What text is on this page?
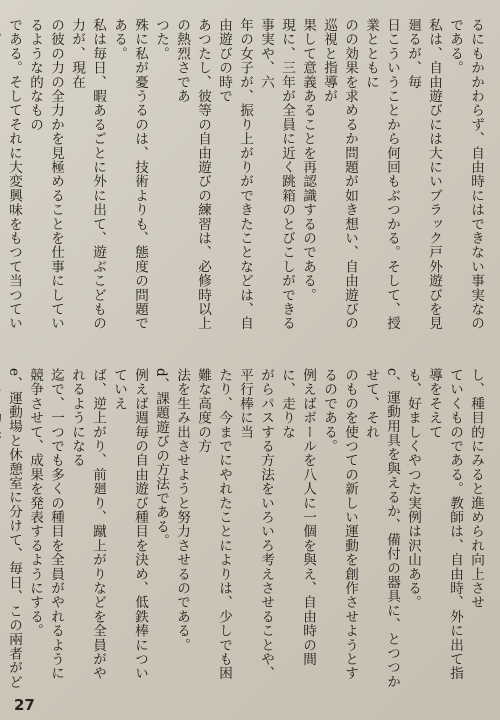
るにもかかわらず、自由時にはできない事実なのである。
私は、自由遊びには大にいブラック戸外遊びを見廻るが、毎
日こういうことから何回もぶつかる。そして、授業とともに
のの効果を求めるか問題が如き想い、自由遊びの巡視と指導が
果して意義あることを再認識するのである。
現に、三年が全員に近く跳箱のとびこしができる事実や、六
年の女子が、振り上がりができたことなどは、自由遊びの時で
あつたし、彼等の自由遊びの練習は、必修時以上の熱烈さであ
つた。
殊に私が憂うるのは、技術よりも、態度の問題である。
私は毎日、暇あるごとに外に出て、遊ぶこどもの力が、現在
の彼の力の全力かを見極めることを仕事にしているような的なもの
である。そしてそれに大変興味をもつて当つてい
し、種目的にみると進められ向上させ
ていくものである。教師は、自由時、外に出て指導をそえて
も、好ましくやつた実例は沢山ある。
c、運動用具を與えるか、備付の器具に、とつつかせて、それ
のものを使つての新しい運動を創作させようとするのである。
例えばボールを八人に一個を與え、自由時の間に、走りな
がらパスする方法をいろいろ考えさせることや、平行棒に当
たり、今までにやれたことによりは、少しでも困難な高度の方
法を生み出させようと努力させるのである。
d、課題遊びの方法である。
例えば週毎の自由遊び種目を決め、低鉄棒についていえ
ば、逆上がり、前廻り、蹴上がりなどを全員がやれるようになる
迄で、一つでも多くの種目を全員がやれるように
競争させて、成果を発表するようにする。
e、運動場と休憩室に分けて、毎日、この兩者がど
27
